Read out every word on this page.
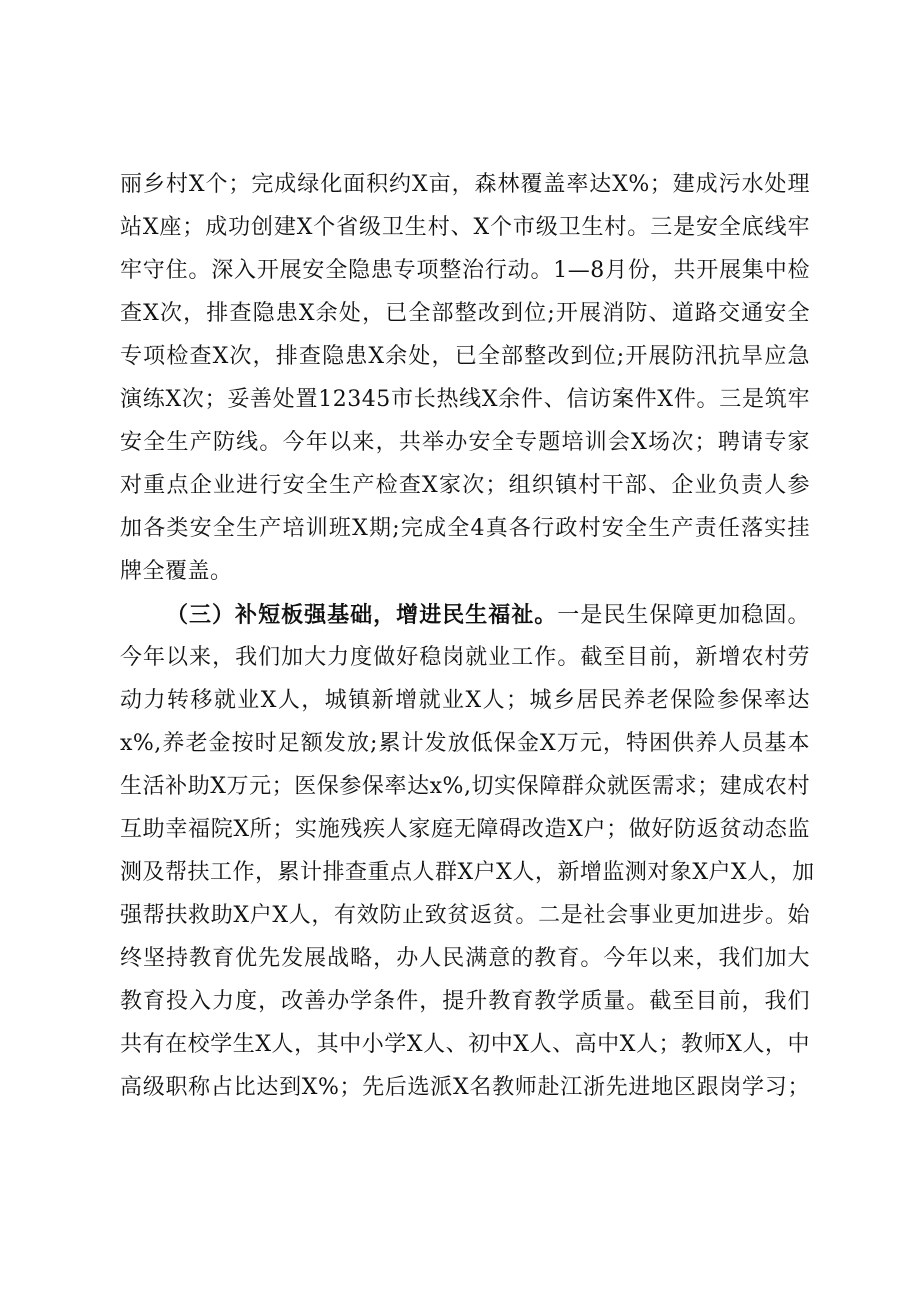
丽乡村X个；完成绿化面积约X亩，森林覆盖率达X%；建成污水处理

站X座；成功创建X个省级卫生村、X个市级卫生村。三是安全底线牢

牢守住。深入开展安全隐患专项整治行动。1—8月份，共开展集中检

查X次，排查隐患X余处，已全部整改到位;开展消防、道路交通安全

专项检查X次，排查隐患X余处，已全部整改到位;开展防汛抗旱应急

演练X次；妥善处置12345市长热线X余件、信访案件X件。三是筑牢

安全生产防线。今年以来，共举办安全专题培训会X场次；聘请专家

对重点企业进行安全生产检查X家次；组织镇村干部、企业负责人参

加各类安全生产培训班X期;完成全4真各行政村安全生产责任落实挂

牌全覆盖。

（三）补短板强基础，增进民生福祉。一是民生保障更加稳固。

今年以来，我们加大力度做好稳岗就业工作。截至目前，新增农村劳

动力转移就业X人，城镇新增就业X人；城乡居民养老保险参保率达

x%,养老金按时足额发放;累计发放低保金X万元，特困供养人员基本

生活补助X万元；医保参保率达x%,切实保障群众就医需求；建成农村

互助幸福院X所；实施残疾人家庭无障碍改造X户；做好防返贫动态监

测及帮扶工作，累计排查重点人群X户X人，新增监测对象X户X人，加

强帮扶救助X户X人，有效防止致贫返贫。二是社会事业更加进步。始

终坚持教育优先发展战略，办人民满意的教育。今年以来，我们加大

教育投入力度，改善办学条件，提升教育教学质量。截至目前，我们

共有在校学生X人，其中小学X人、初中X人、高中X人；教师X人，中

高级职称占比达到X%；先后选派X名教师赴江浙先进地区跟岗学习；
